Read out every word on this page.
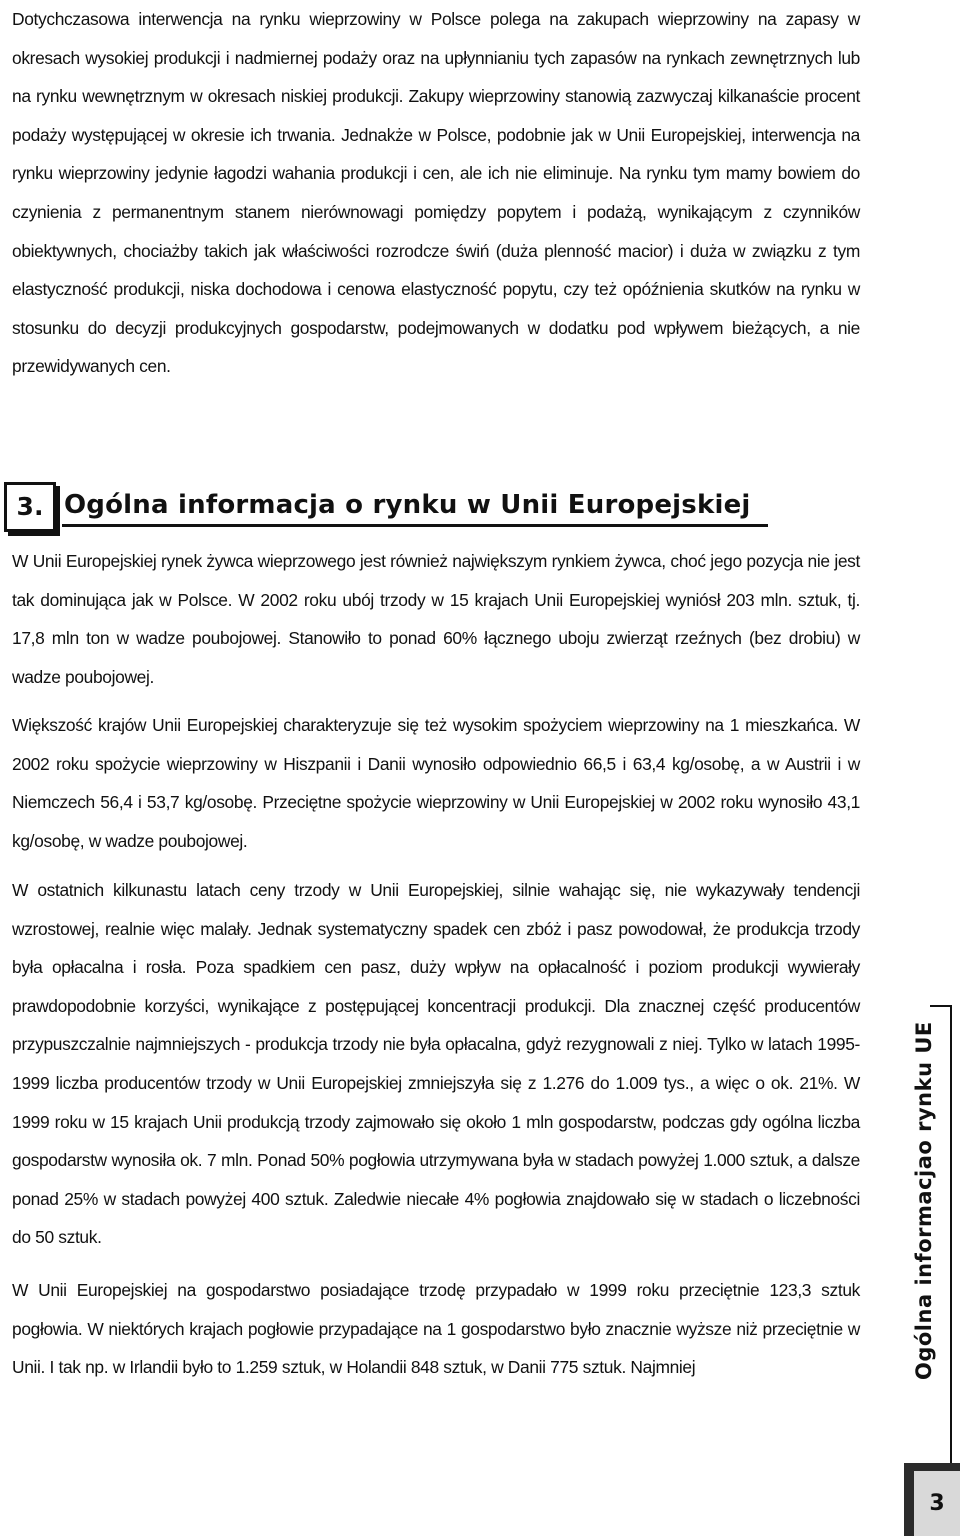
Dotychczasowa interwencja na rynku wieprzowiny w Polsce polega na zakupach wieprzowiny na zapasy w okresach wysokiej produkcji i nadmiernej podaży oraz na upłynnianiu tych zapasów na rynkach zewnętrznych lub na rynku wewnętrznym w okresach niskiej produkcji. Zakupy wieprzowiny stanowią zazwyczaj kilkanaście procent podaży występującej w okresie ich trwania. Jednakże w Polsce, podobnie jak w Unii Europejskiej, interwencja na rynku wieprzowiny jedynie łagodzi wahania produkcji i cen, ale ich nie eliminuje. Na rynku tym mamy bowiem do czynienia z permanentnym stanem nierównowagi pomiędzy popytem i podażą, wynikającym z czynników obiektywnych, chociażby takich jak właściwości rozrodcze świń (duża plenność macior) i duża w związku z tym elastyczność produkcji, niska dochodowa i cenowa elastyczność popytu, czy też opóźnienia skutków na rynku w stosunku do decyzji produkcyjnych gospodarstw, podejmowanych w dodatku pod wpływem bieżących, a nie przewidywanych cen.
3. Ogólna informacja o rynku w Unii Europejskiej
W Unii Europejskiej rynek żywca wieprzowego jest również największym rynkiem żywca, choć jego pozycja nie jest tak dominująca jak w Polsce. W 2002 roku ubój trzody w 15 krajach Unii Europejskiej wyniósł 203 mln. sztuk, tj. 17,8 mln ton w wadze poubojowej. Stanowiło to ponad 60% łącznego uboju zwierząt rzeźnych (bez drobiu) w wadze poubojowej.
Większość krajów Unii Europejskiej charakteryzuje się też wysokim spożyciem wieprzowiny na 1 mieszkańca. W 2002 roku spożycie wieprzowiny w Hiszpanii i Danii wynosiło odpowiednio 66,5 i 63,4 kg/osobę, a w Austrii i w Niemczech 56,4 i 53,7 kg/osobę. Przeciętne spożycie wieprzowiny w Unii Europejskiej w 2002 roku wynosiło 43,1 kg/osobę, w wadze poubojowej.
W ostatnich kilkunastu latach ceny trzody w Unii Europejskiej, silnie wahając się, nie wykazywały tendencji wzrostowej, realnie więc malały. Jednak systematyczny spadek cen zbóż i pasz powodował, że produkcja trzody była opłacalna i rosła. Poza spadkiem cen pasz, duży wpływ na opłacalność i poziom produkcji wywierały prawdopodobnie korzyści, wynikające z postępującej koncentracji produkcji. Dla znacznej część producentów przypuszczalnie najmniejszych - produkcja trzody nie była opłacalna, gdyż rezygnowali z niej. Tylko w latach 1995-1999 liczba producentów trzody w Unii Europejskiej zmniejszyła się z 1.276 do 1.009 tys., a więc o ok. 21%. W 1999 roku w 15 krajach Unii produkcją trzody zajmowało się około 1 mln gospodarstw, podczas gdy ogólna liczba gospodarstw wynosiła ok. 7 mln. Ponad 50% pogłowia utrzymywana była w stadach powyżej 1.000 sztuk, a dalsze ponad 25% w stadach powyżej 400 sztuk. Zaledwie niecałe 4% pogłowia znajdowało się w stadach o liczebności do 50 sztuk.
W Unii Europejskiej na gospodarstwo posiadające trzodę przypadało w 1999 roku przeciętnie 123,3 sztuk pogłowia. W niektórych krajach pogłowie przypadające na 1 gospodarstwo było znacznie wyższe niż przeciętnie w Unii. I tak np. w Irlandii było to 1.259 sztuk, w Holandii 848 sztuk, w Danii 775 sztuk. Najmniej	Ogólna informacjao rynku UE
3
